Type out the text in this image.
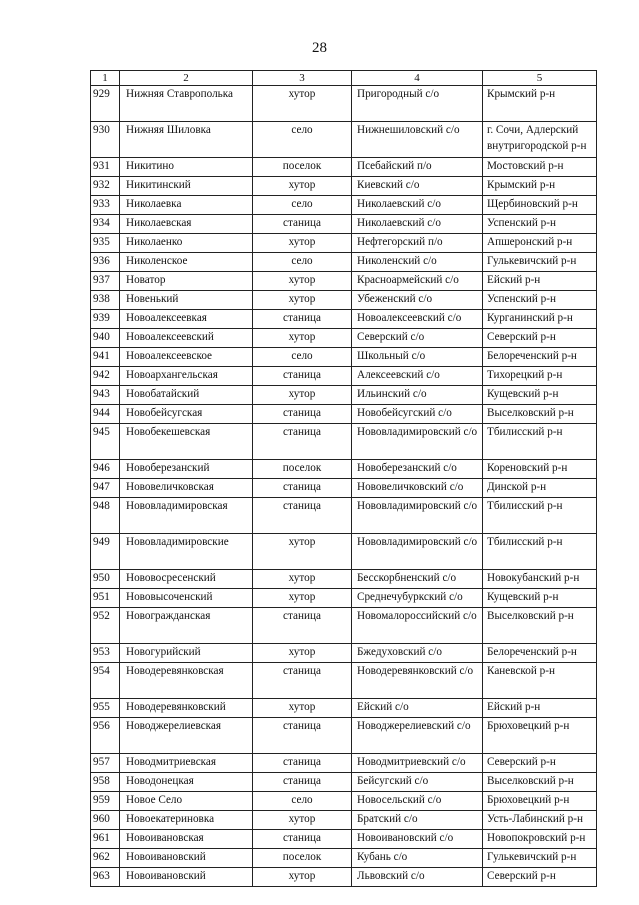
28
1	2	3	4	5
929	Нижняя Ставрополька	хутор	Пригородный с/о	Крымский р-н
930	Нижняя Шиловка	село	Нижнешиловский с/о	г. Сочи, Адлерский внутригородской р-н
931	Никитино	поселок	Псебайский п/о	Мостовский р-н
932	Никитинский	хутор	Киевский с/о	Крымский р-н
933	Николаевка	село	Николаевский с/о	Щербиновский р-н
934	Николаевская	станица	Николаевский с/о	Успенский р-н
935	Николаенко	хутор	Нефтегорский п/о	Апшеронский р-н
936	Николенское	село	Николенский с/о	Гулькевичский р-н
937	Новатор	хутор	Красноармейский с/о	Ейский р-н
938	Новенький	хутор	Убеженский с/о	Успенский р-н
939	Новоалексеевкая	станица	Новоалексеевский с/о	Курганинский р-н
940	Новоалексеевский	хутор	Северский с/о	Северский р-н
941	Новоалексеевское	село	Школьный с/о	Белореченский р-н
942	Новоархангельская	станица	Алексеевский с/о	Тихорецкий р-н
943	Новобатайский	хутор	Ильинский с/о	Кущевский р-н
944	Новобейсугская	станица	Новобейсугский с/о	Выселковский р-н
945	Новобекешевская	станица	Нововладимировский с/о	Тбилисский р-н
946	Новоберезанский	поселок	Новоберезанский с/о	Кореновский р-н
947	Нововеличковская	станица	Нововеличковский с/о	Динской р-н
948	Нововладимировская	станица	Нововладимировский с/о	Тбилисский р-н
949	Нововладимировские	хутор	Нововладимировский с/о	Тбилисский р-н
950	Нововосресенский	хутор	Бесскорбненский с/о	Новокубанский р-н
951	Нововысоченский	хутор	Среднечубуркский с/о	Кущевский р-н
952	Новогражданская	станица	Новомалороссийский с/о	Выселковский р-н
953	Новогурийский	хутор	Бжедуховский с/о	Белореченский р-н
954	Новодеревянковская	станица	Новодеревянковский с/о	Каневской р-н
955	Новодеревянковский	хутор	Ейский с/о	Ейский р-н
956	Новоджерелиевская	станица	Новоджерелиевский с/о	Брюховецкий р-н
957	Новодмитриевская	станица	Новодмитриевский с/о	Северский р-н
958	Новодонецкая	станица	Бейсугский с/о	Выселковский р-н
959	Новое Село	село	Новосельский с/о	Брюховецкий р-н
960	Новоекатериновка	хутор	Братский с/о	Усть-Лабинский р-н
961	Новоивановская	станица	Новоивановский с/о	Новопокровский р-н
962	Новоивановский	поселок	Кубань с/о	Гулькевичский р-н
963	Новоивановский	хутор	Львовский с/о	Северский р-н
